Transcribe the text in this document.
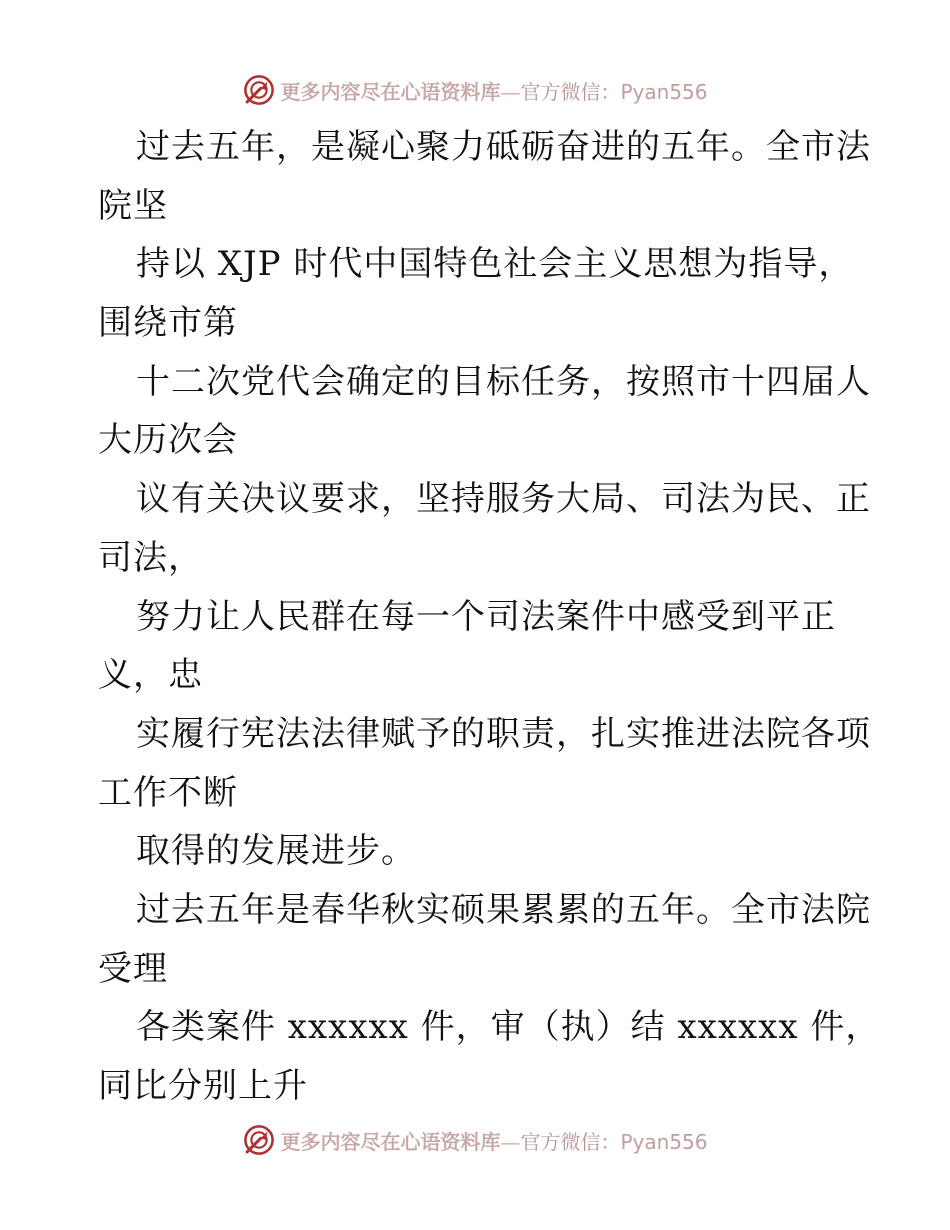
更多内容尽在心语资料库—官方微信：Pyan556
过去五年，是凝心聚力砥砺奋进的五年。全市法
院坚
持以 XJP 时代中国特色社会主义思想为指导，
围绕市第
十二次党代会确定的目标任务，按照市十四届人
大历次会
议有关决议要求，坚持服务大局、司法为民、正
司法，
努力让人民群在每一个司法案件中感受到平正
义，忠
实履行宪法法律赋予的职责，扎实推进法院各项
工作不断
取得的发展进步。
过去五年是春华秋实硕果累累的五年。全市法院
受理
各类案件 xxxxxx 件，审（执）结 xxxxxx 件，
同比分别上升
更多内容尽在心语资料库—官方微信：Pyan556
